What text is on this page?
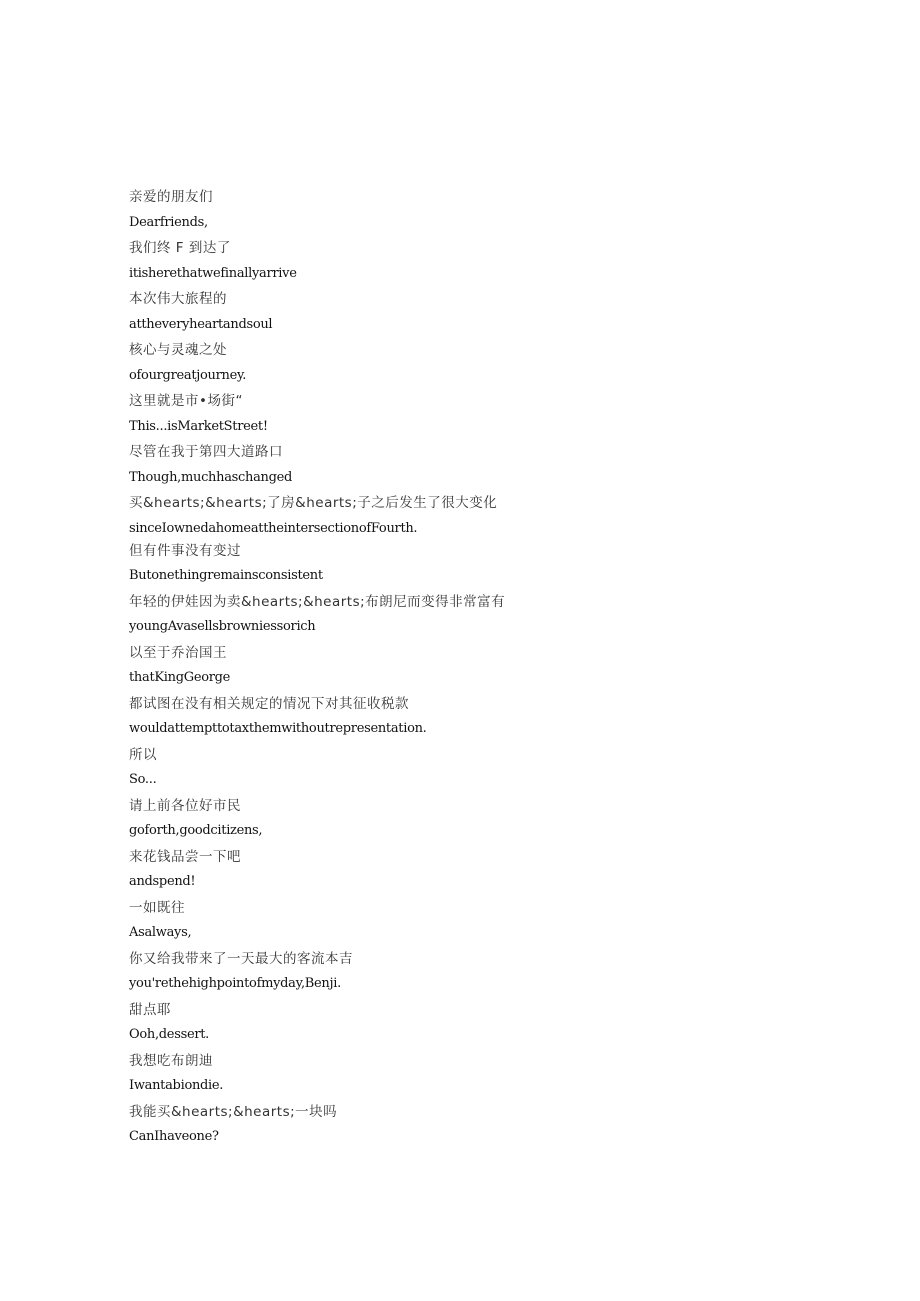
亲爱的朋友们
Dearfriends,
我们终 F 到达了
itisherethatwefinallyarrive
本次伟大旅程的
attheveryheartandsoul
核心与灵魂之处
ofourgreatjourney.
这里就是市•场街“
This...isMarketStreet!
尽管在我于第四大道路口
Though,muchhaschanged
买&hearts;&hearts;了房&hearts;子之后发生了很大变化
sinceIownedahomeattheintersectionofFourth.
但有件事没有变过
Butonethingremainsconsistent
年轻的伊娃因为卖&hearts;&hearts;布朗尼而变得非常富有
youngAvasellsbrowniessorich
以至于乔治国王
thatKingGeorge
都试图在没有相关规定的情况下对其征收税款
wouldattempttotaxthemwithoutrepresentation.
所以
So...
请上前各位好市民
goforth,goodcitizens,
来花钱品尝一下吧
andspend!
一如既往
Asalways,
你又给我带来了一天最大的客流本吉
you'rethehighpointofmyday,Benji.
甜点耶
Ooh,dessert.
我想吃布朗迪
Iwantabiondie.
我能买&hearts;&hearts;一块吗
CanIhaveone?
